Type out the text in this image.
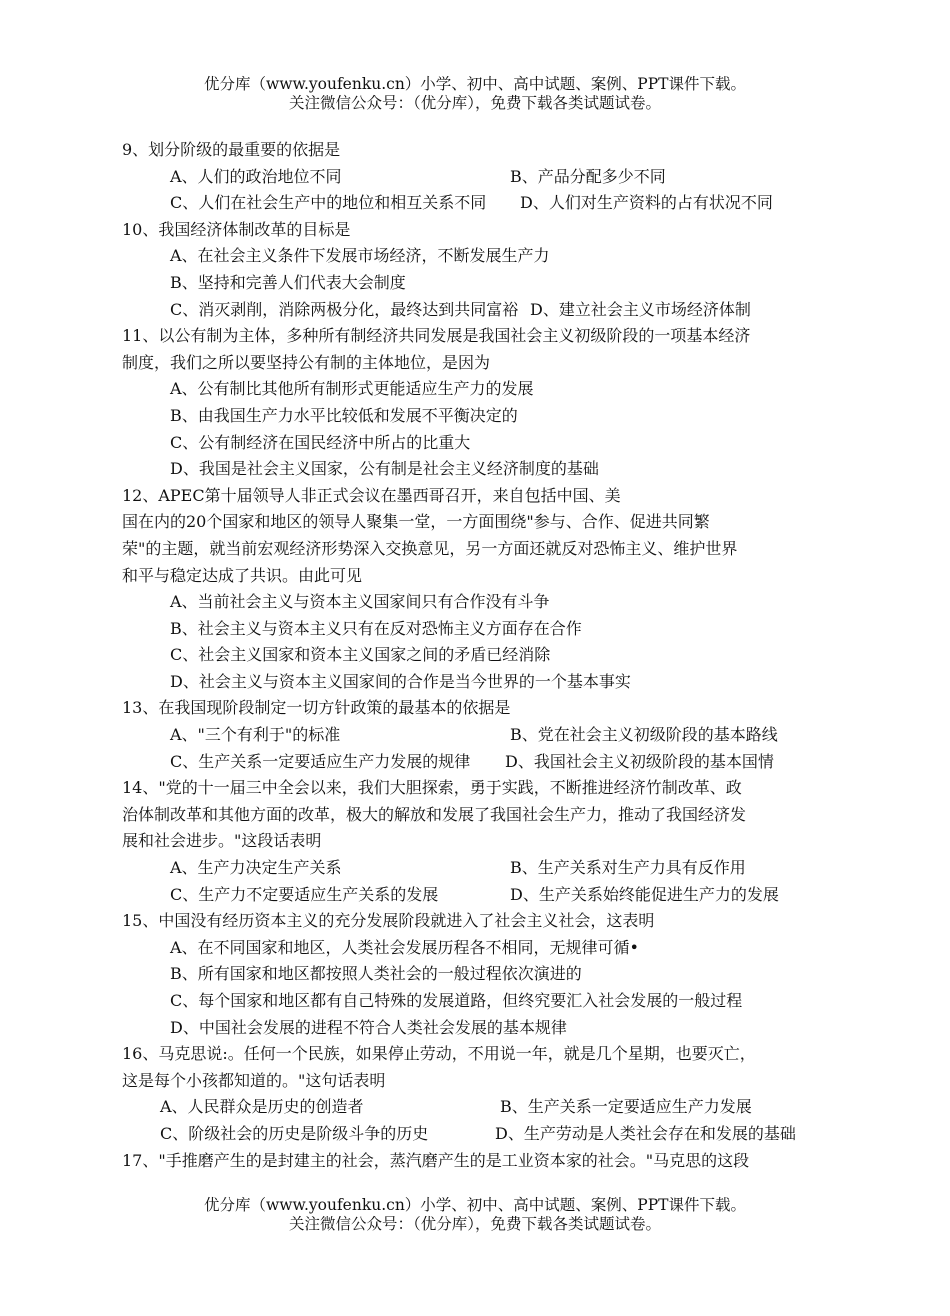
优分库（www.youfenku.cn）小学、初中、高中试题、案例、PPT课件下载。
关注微信公众号：（优分库），免费下载各类试题试卷。
9、划分阶级的最重要的依据是
A、人们的政治地位不同	B、产品分配多少不同
C、人们在社会生产中的地位和相互关系不同 D、人们对生产资料的占有状况不同
10、我国经济体制改革的目标是
A、在社会主义条件下发展市场经济，不断发展生产力
B、坚持和完善人们代表大会制度
C、消灭剥削，消除两极分化，最终达到共同富裕 D、建立社会主义市场经济体制
11、以公有制为主体，多种所有制经济共同发展是我国社会主义初级阶段的一项基本经济
制度，我们之所以要坚持公有制的主体地位，是因为
A、公有制比其他所有制形式更能适应生产力的发展
B、由我国生产力水平比较低和发展不平衡决定的
C、公有制经济在国民经济中所占的比重大
D、我国是社会主义国家，公有制是社会主义经济制度的基础
12、APEC第十届领导人非正式会议在墨西哥召开，来自包括中国、美
国在内的20个国家和地区的领导人聚集一堂，一方面围绕"参与、合作、促进共同繁
荣"的主题，就当前宏观经济形势深入交换意见，另一方面还就反对恐怖主义、维护世界
和平与稳定达成了共识。由此可见
A、当前社会主义与资本主义国家间只有合作没有斗争
B、社会主义与资本主义只有在反对恐怖主义方面存在合作
C、社会主义国家和资本主义国家之间的矛盾已经消除
D、社会主义与资本主义国家间的合作是当今世界的一个基本事实
13、在我国现阶段制定一切方针政策的最基本的依据是
A、"三个有利于"的标准	B、党在社会主义初级阶段的基本路线
C、生产关系一定要适应生产力发展的规律 D、我国社会主义初级阶段的基本国情
14、"党的十一届三中全会以来，我们大胆探索，勇于实践，不断推进经济竹制改革、政
治体制改革和其他方面的改革，极大的解放和发展了我国社会生产力，推动了我国经济发
展和社会进步。"这段话表明
A、生产力决定生产关系	B、生产关系对生产力具有反作用
C、生产力不定要适应生产关系的发展	D、生产关系始终能促进生产力的发展
15、中国没有经历资本主义的充分发展阶段就进入了社会主义社会，这表明
A、在不同国家和地区，人类社会发展历程各不相同，无规律可循•
B、所有国家和地区都按照人类社会的一般过程依次演进的
C、每个国家和地区都有自己特殊的发展道路，但终究要汇入社会发展的一般过程
D、中国社会发展的进程不符合人类社会发展的基本规律
16、马克思说:。任何一个民族，如果停止劳动，不用说一年，就是几个星期，也要灭亡，
这是每个小孩都知道的。"这句话表明
A、人民群众是历史的创造者	B、生产关系一定要适应生产力发展
C、阶级社会的历史是阶级斗争的历史	D、生产劳动是人类社会存在和发展的基础
17、"手推磨产生的是封建主的社会，蒸汽磨产生的是工业资本家的社会。"马克思的这段
优分库（www.youfenku.cn）小学、初中、高中试题、案例、PPT课件下载。
关注微信公众号：（优分库），免费下载各类试题试卷。
